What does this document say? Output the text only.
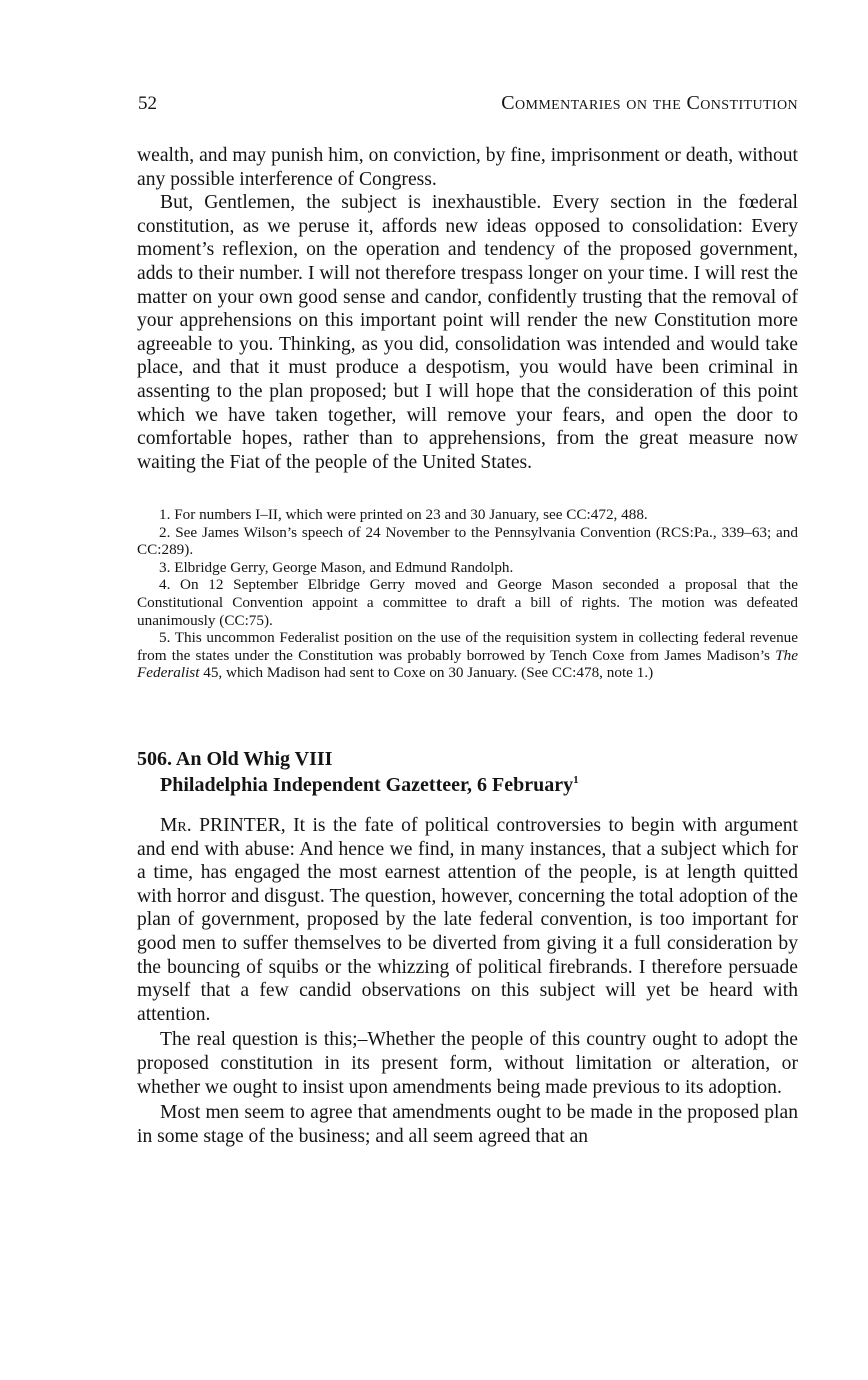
52	Commentaries on the Constitution

wealth, and may punish him, on conviction, by fine, imprisonment or death, without any possible interference of Congress.

But, Gentlemen, the subject is inexhaustible. Every section in the fœderal constitution, as we peruse it, affords new ideas opposed to consolidation: Every moment’s reflexion, on the operation and tendency of the proposed government, adds to their number. I will not therefore trespass longer on your time. I will rest the matter on your own good sense and candor, confidently trusting that the removal of your apprehensions on this important point will render the new Constitution more agreeable to you. Thinking, as you did, consolidation was intended and would take place, and that it must produce a despotism, you would have been criminal in assenting to the plan proposed; but I will hope that the consideration of this point which we have taken together, will remove your fears, and open the door to comfortable hopes, rather than to apprehensions, from the great measure now waiting the Fiat of the people of the United States.

1. For numbers I–II, which were printed on 23 and 30 January, see CC:472, 488.

2. See James Wilson’s speech of 24 November to the Pennsylvania Convention (RCS:Pa., 339–63; and CC:289).

3. Elbridge Gerry, George Mason, and Edmund Randolph.

4. On 12 September Elbridge Gerry moved and George Mason seconded a proposal that the Constitutional Convention appoint a committee to draft a bill of rights. The motion was defeated unanimously (CC:75).

5. This uncommon Federalist position on the use of the requisition system in collecting federal revenue from the states under the Constitution was probably borrowed by Tench Coxe from James Madison’s The Federalist 45, which Madison had sent to Coxe on 30 January. (See CC:478, note 1.)

506. An Old Whig VIII
Philadelphia Independent Gazetteer, 6 February$^1$

Mr. PRINTER, It is the fate of political controversies to begin with argument and end with abuse: And hence we find, in many instances, that a subject which for a time, has engaged the most earnest attention of the people, is at length quitted with horror and disgust. The question, however, concerning the total adoption of the plan of government, proposed by the late federal convention, is too important for good men to suffer themselves to be diverted from giving it a full consideration by the bouncing of squibs or the whizzing of political firebrands. I therefore persuade myself that a few candid observations on this subject will yet be heard with attention.

The real question is this;–Whether the people of this country ought to adopt the proposed constitution in its present form, without limitation or alteration, or whether we ought to insist upon amendments being made previous to its adoption.

Most men seem to agree that amendments ought to be made in the proposed plan in some stage of the business; and all seem agreed that an
